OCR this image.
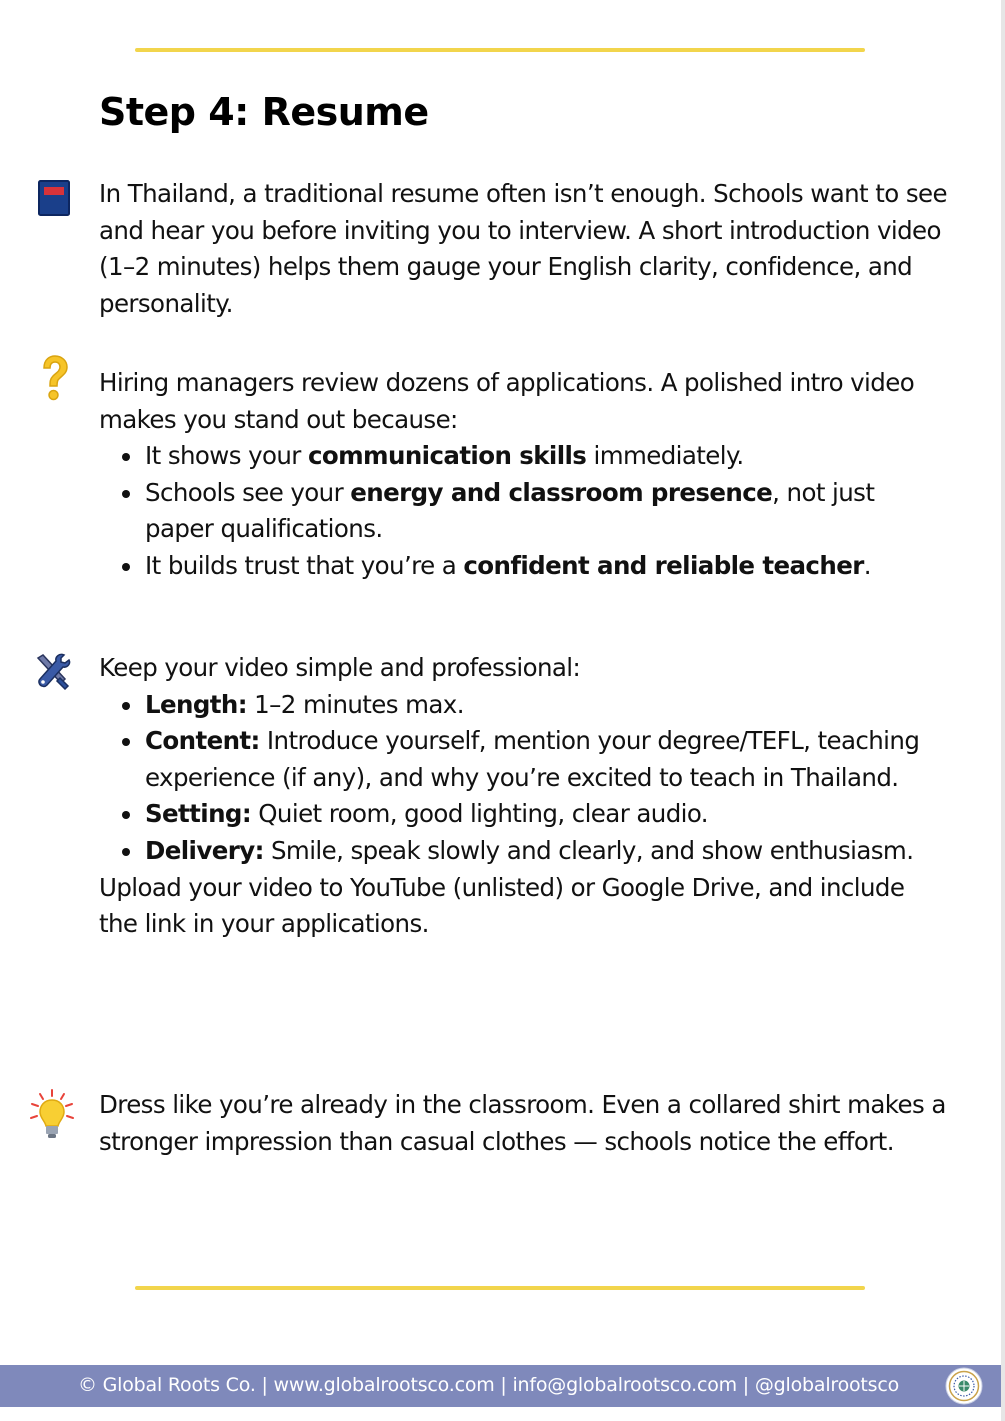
Step 4: Resume

In Thailand, a traditional resume often isn’t enough. Schools want to see and hear you before inviting you to interview. A short introduction video (1–2 minutes) helps them gauge your English clarity, confidence, and personality.

Hiring managers review dozens of applications. A polished intro video makes you stand out because:

It shows your communication skills immediately.
Schools see your energy and classroom presence, not just paper qualifications.
It builds trust that you’re a confident and reliable teacher.

Keep your video simple and professional:

Length: 1–2 minutes max.
Content: Introduce yourself, mention your degree/TEFL, teaching experience (if any), and why you’re excited to teach in Thailand.
Setting: Quiet room, good lighting, clear audio.
Delivery: Smile, speak slowly and clearly, and show enthusiasm.

Upload your video to YouTube (unlisted) or Google Drive, and include the link in your applications.

Dress like you’re already in the classroom. Even a collared shirt makes a stronger impression than casual clothes — schools notice the effort.

© Global Roots Co. | www.globalrootsco.com | info@globalrootsco.com | @globalrootsco
